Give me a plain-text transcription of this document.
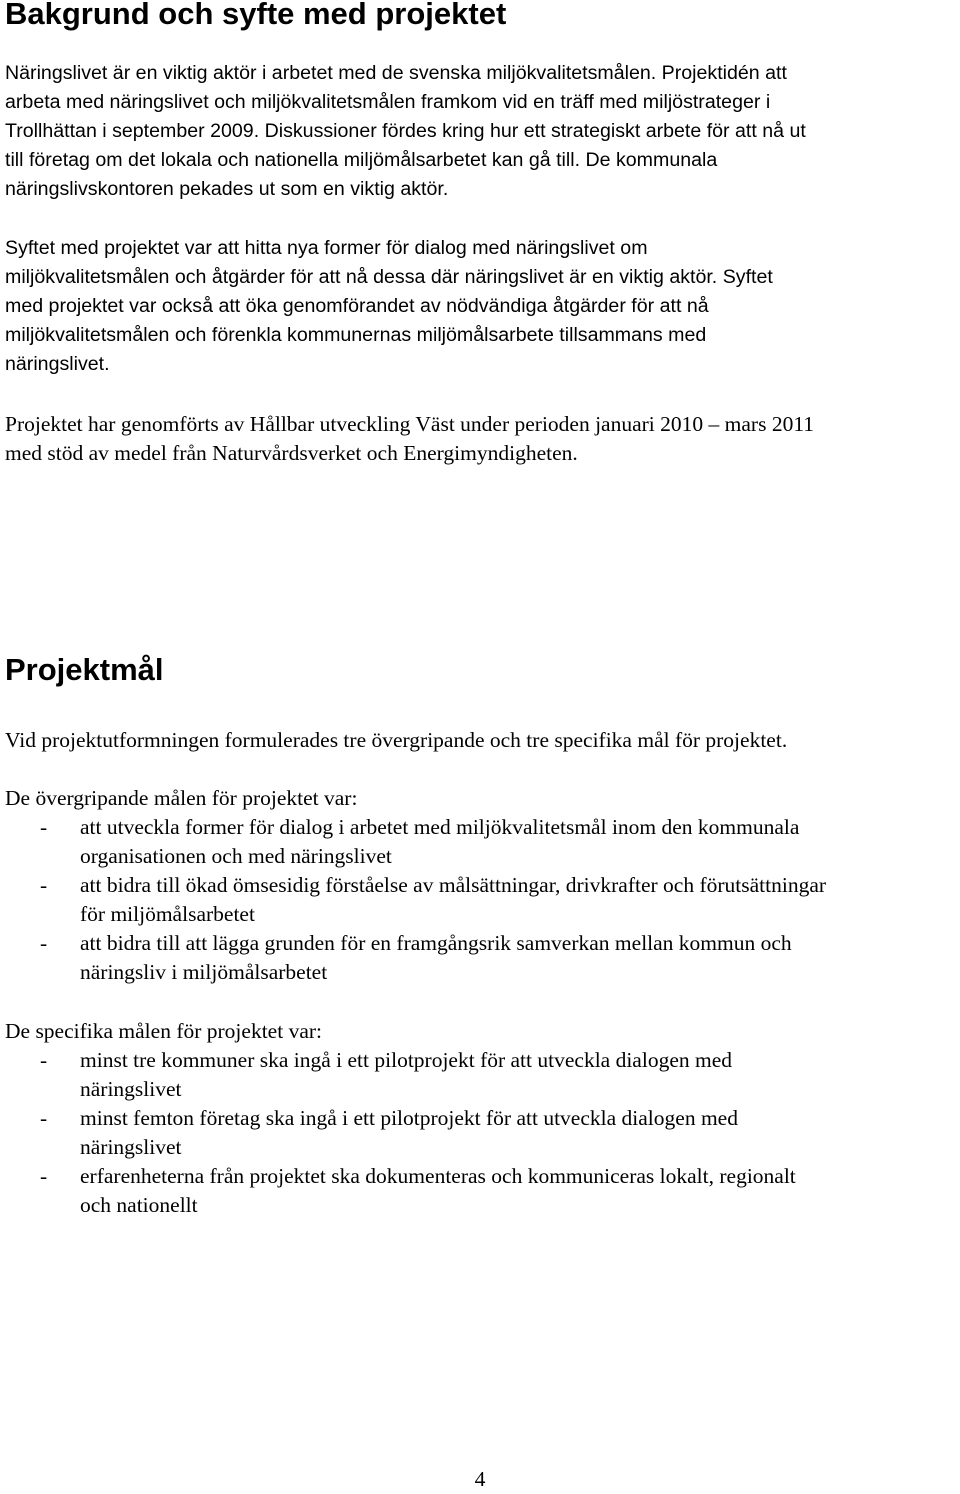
Bakgrund och syfte med projektet
Näringslivet är en viktig aktör i arbetet med de svenska miljökvalitetsmålen. Projektidén att
arbeta med näringslivet och miljökvalitetsmålen framkom vid en träff med miljöstrateger i
Trollhättan i september 2009. Diskussioner fördes kring hur ett strategiskt arbete för att nå ut
till företag om det lokala och nationella miljömålsarbetet kan gå till. De kommunala
näringslivskontoren pekades ut som en viktig aktör.
Syftet med projektet var att hitta nya former för dialog med näringslivet om
miljökvalitetsmålen och åtgärder för att nå dessa där näringslivet är en viktig aktör. Syftet
med projektet var också att öka genomförandet av nödvändiga åtgärder för att nå
miljökvalitetsmålen och förenkla kommunernas miljömålsarbete tillsammans med
näringslivet.
Projektet har genomförts av Hållbar utveckling Väst under perioden januari 2010 – mars 2011
med stöd av medel från Naturvårdsverket och Energimyndigheten.
Projektmål
Vid projektutformningen formulerades tre övergripande och tre specifika mål för projektet.
De övergripande målen för projektet var:
-	att utveckla former för dialog i arbetet med miljökvalitetsmål inom den kommunala
organisationen och med näringslivet
-	att bidra till ökad ömsesidig förståelse av målsättningar, drivkrafter och förutsättningar
för miljömålsarbetet
-	att bidra till att lägga grunden för en framgångsrik samverkan mellan kommun och
näringsliv i miljömålsarbetet
De specifika målen för projektet var:
-	minst tre kommuner ska ingå i ett pilotprojekt för att utveckla dialogen med
näringslivet
-	minst femton företag ska ingå i ett pilotprojekt för att utveckla dialogen med
näringslivet
-	erfarenheterna från projektet ska dokumenteras och kommuniceras lokalt, regionalt
och nationellt
4
